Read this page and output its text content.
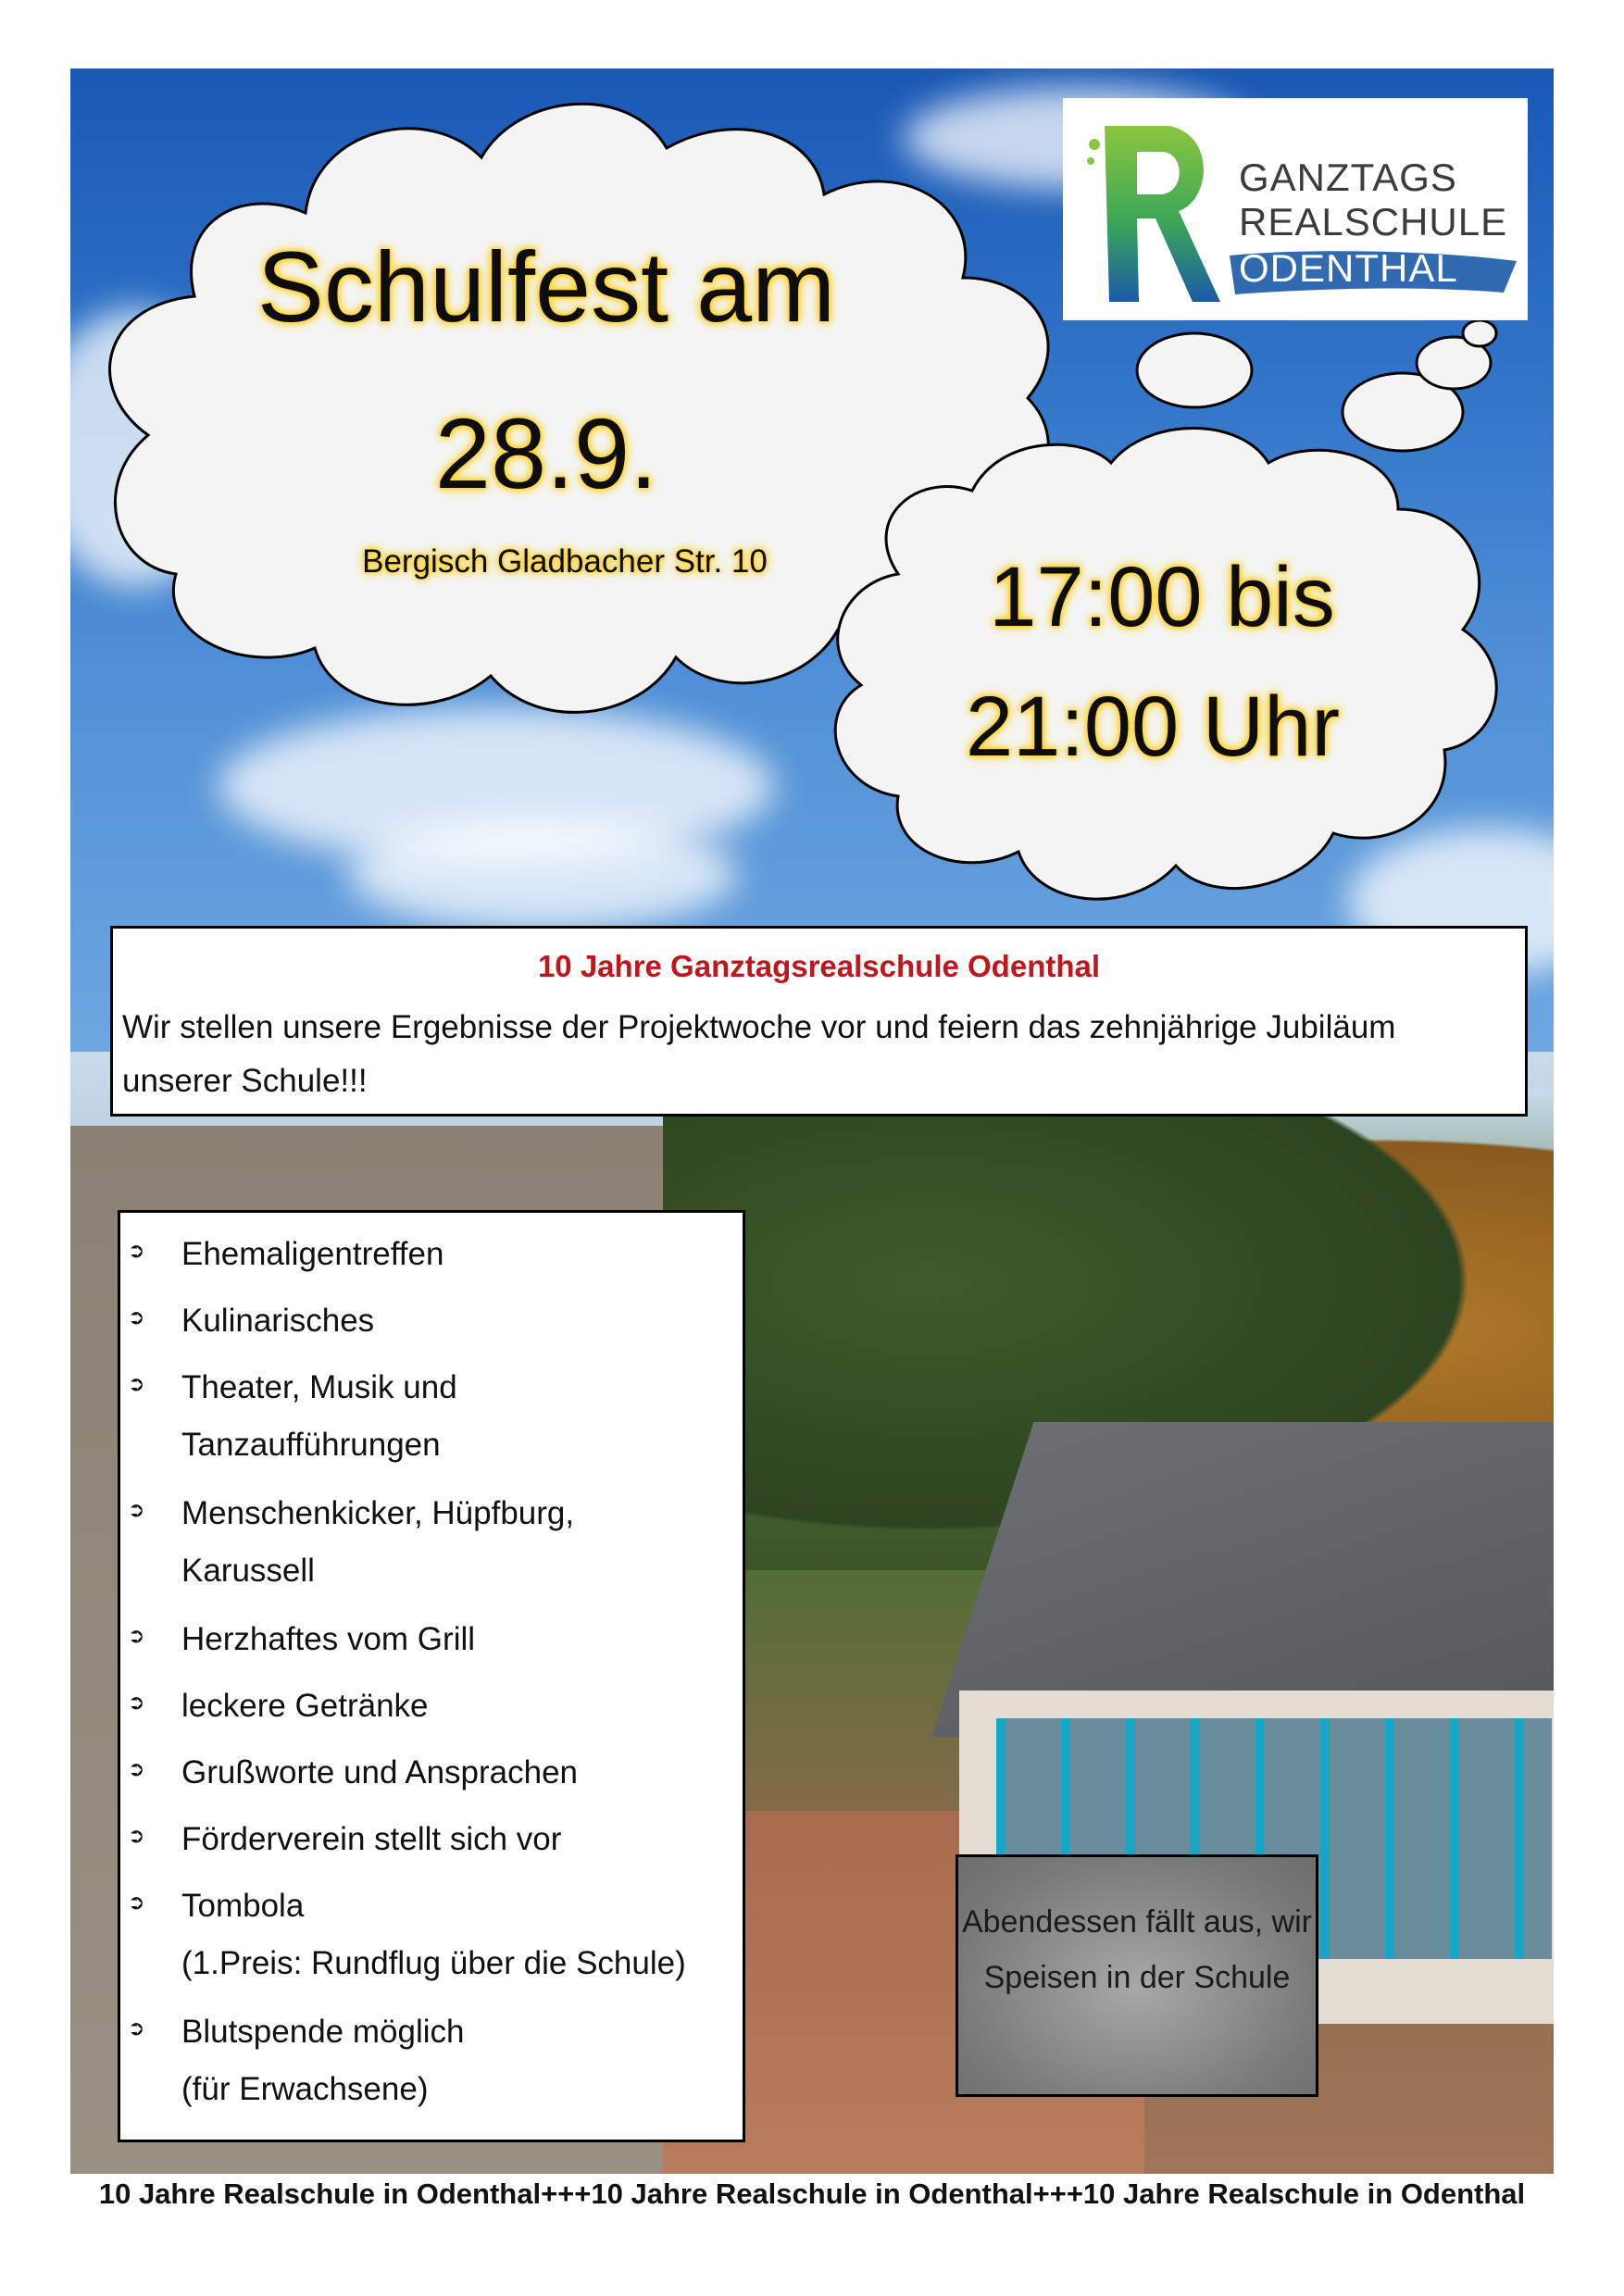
Schulfest am
28.9.
Bergisch Gladbacher Str. 10	17:00 bis
21:00 Uhr
GANZTAGS
REALSCHULE
ODENTHAL
10 Jahre Ganztagsrealschule Odenthal
Wir stellen unsere Ergebnisse der Projektwoche vor und feiern das zehnjährige Jubiläum unserer Schule!!!
➲ Ehemaligentreffen
➲ Kulinarisches
➲ Theater, Musik und
Tanzaufführungen
➲ Menschenkicker, Hüpfburg,
Karussell
➲ Herzhaftes vom Grill
➲ leckere Getränke
➲ Grußworte und Ansprachen
➲ Förderverein stellt sich vor
➲ Tombola
(1.Preis: Rundflug über die Schule)
➲ Blutspende möglich
(für Erwachsene)
Abendessen fällt aus, wir Speisen in der Schule
10 Jahre Realschule in Odenthal+++10 Jahre Realschule in Odenthal+++10 Jahre Realschule in Odenthal
